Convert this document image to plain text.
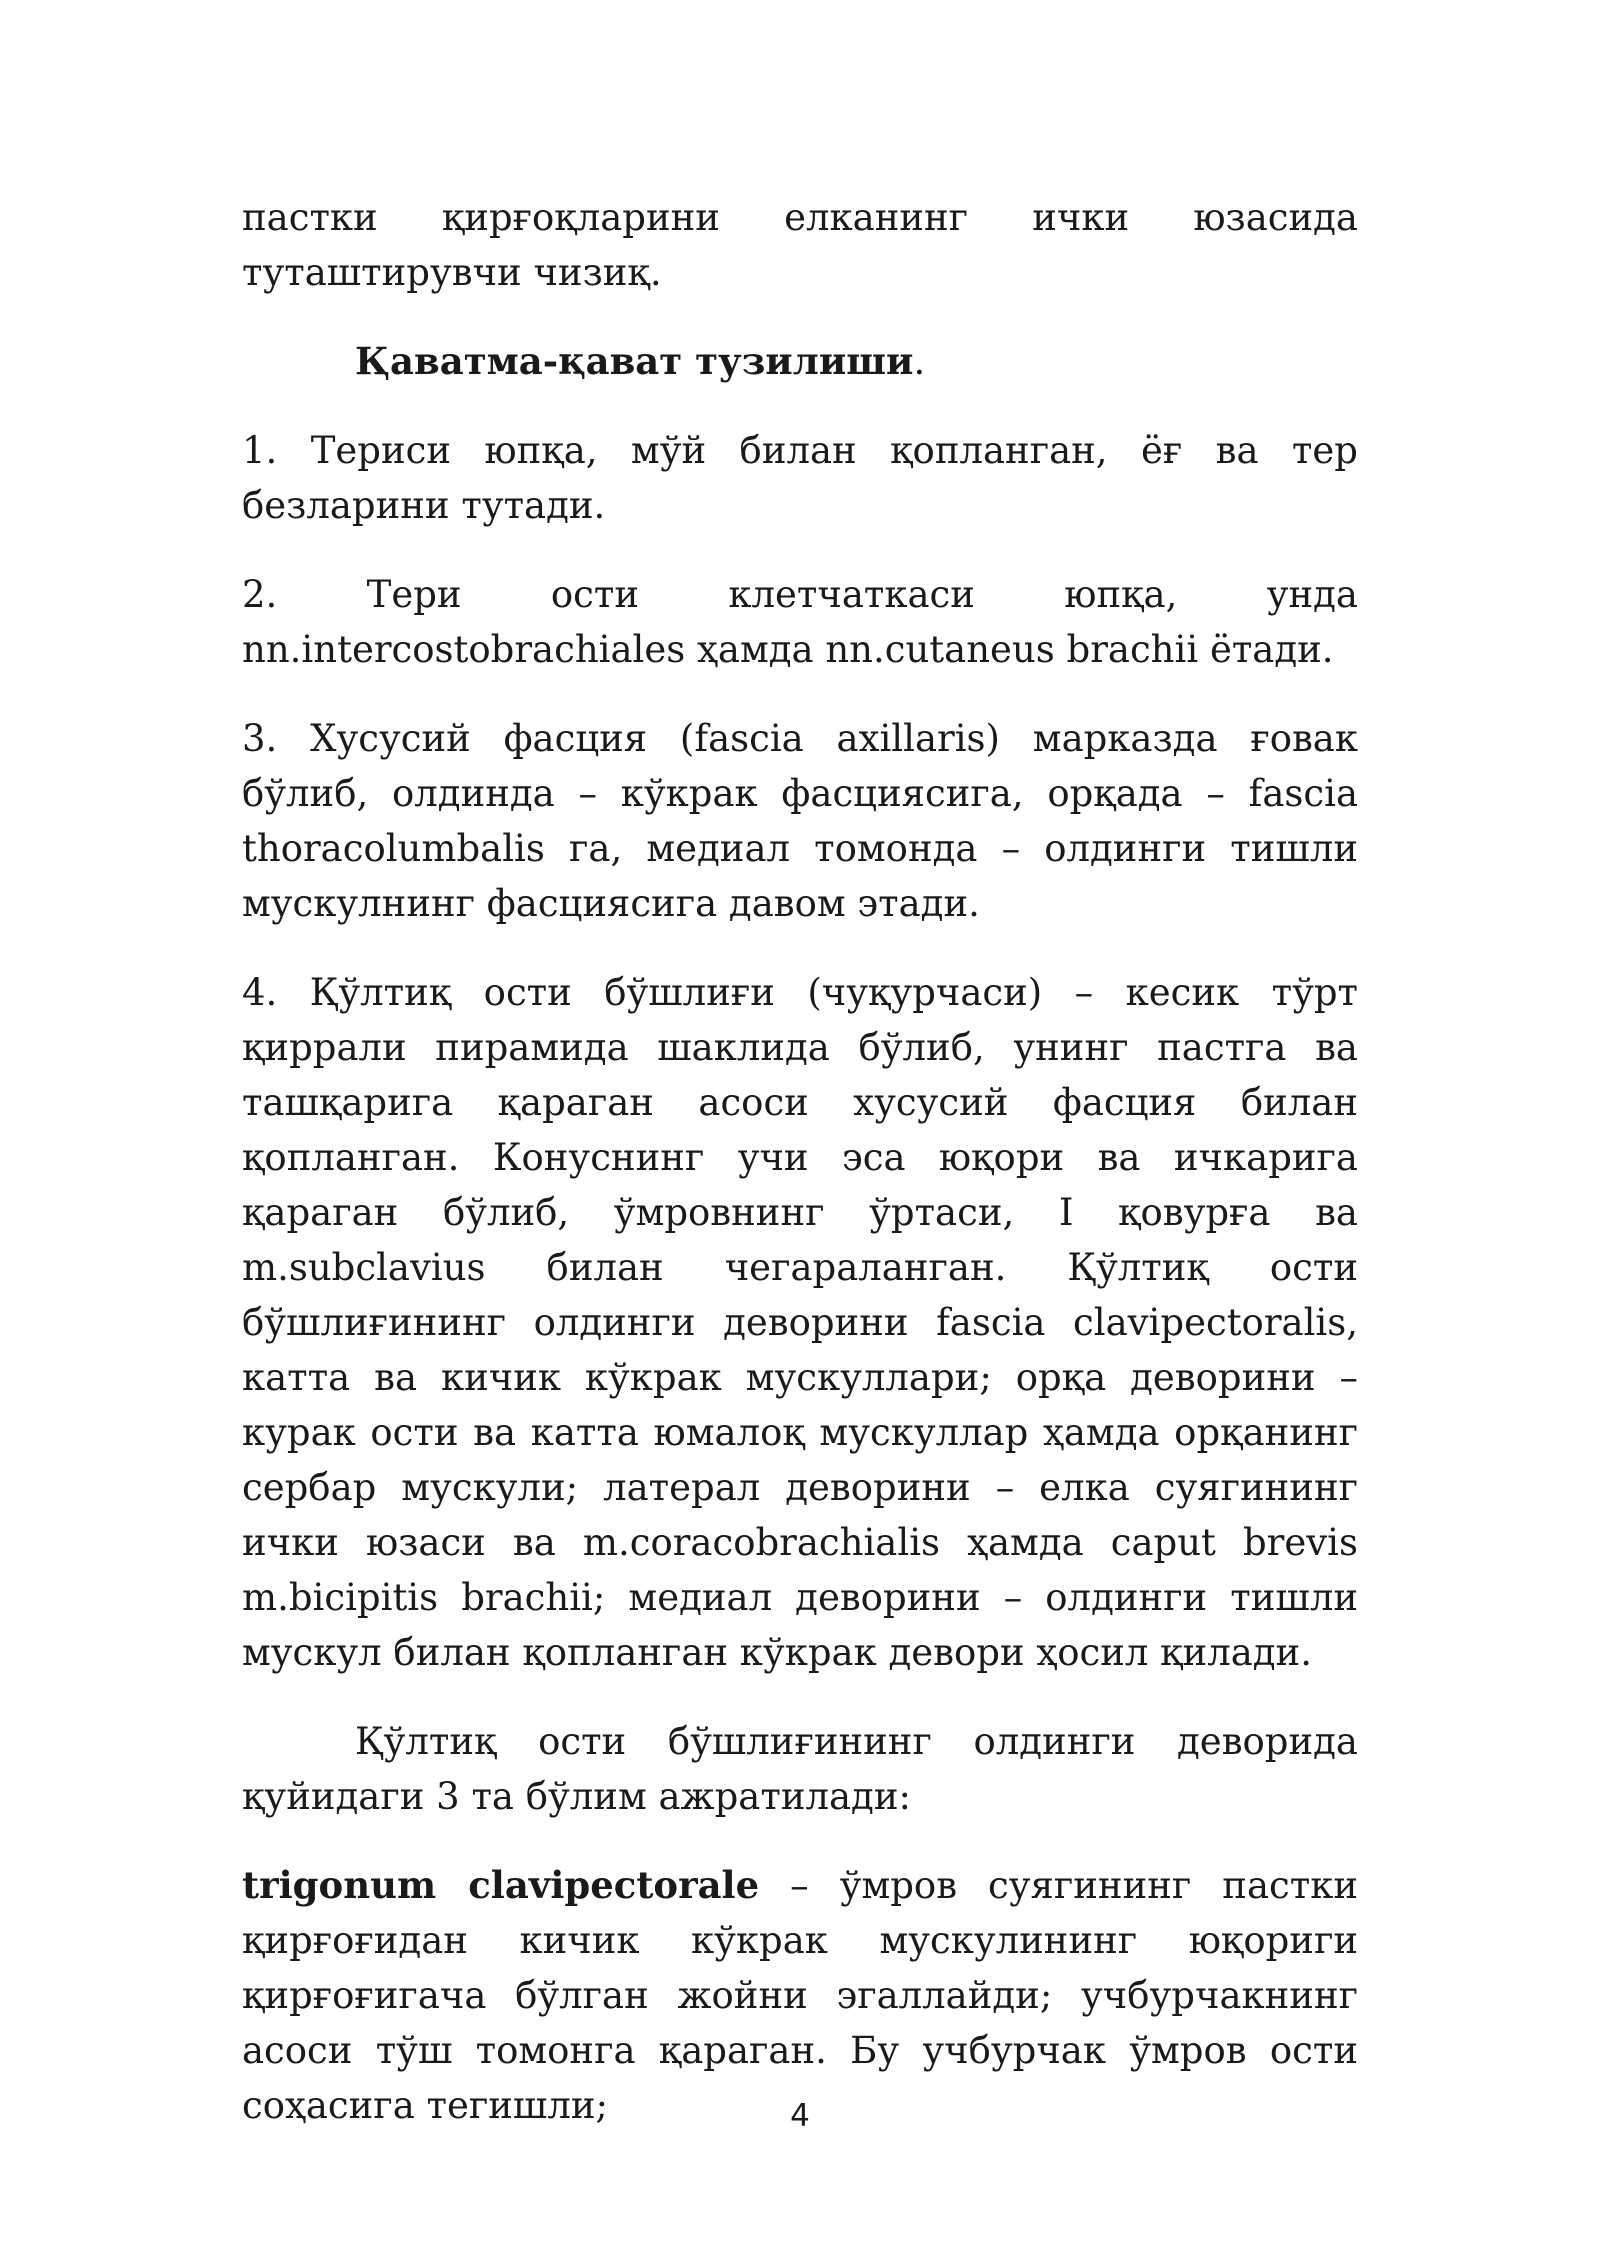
пастки қирғоқларини елканинг ички юзасида туташтирувчи чизиқ.

Қаватма-қават тузилиши.

1. Териси юпқа, мўй билан қопланган, ёғ ва тер безларини тутади.

2. Тери ости клетчаткаси юпқа, унда nn.intercostobrachiales ҳамда nn.cutaneus brachii ётади.

3. Хусусий фасция (fascia axillaris) марказда ғовак бўлиб, олдинда – кўкрак фасциясига, орқада – fascia thoracolumbalis га, медиал томонда – олдинги тишли мускулнинг фасциясига давом этади.

4. Қўлтиқ ости бўшлиғи (чуқурчаси) – кесик тўрт қиррали пирамида шаклида бўлиб, унинг пастга ва ташқарига қараган асоси хусусий фасция билан қопланган. Конуснинг учи эса юқори ва ичкарига қараган бўлиб, ўмровнинг ўртаси, I қовурға ва m.subclavius билан чегараланган. Қўлтиқ ости бўшлиғининг олдинги деворини fascia clavipectoralis, катта ва кичик кўкрак мускуллари; орқа деворини – курак ости ва катта юмалоқ мускуллар ҳамда орқанинг сербар мускули; латерал деворини – елка суягининг ички юзаси ва m.coracobrachialis ҳамда caput brevis m.bicipitis brachii; медиал деворини – олдинги тишли мускул билан қопланган кўкрак девори ҳосил қилади.

Қўлтиқ ости бўшлиғининг олдинги деворида қуйидаги 3 та бўлим ажратилади:

trigonum clavipectorale – ўмров суягининг пастки қирғоғидан кичик кўкрак мускулининг юқориги қирғоғигача бўлган жойни эгаллайди; учбурчакнинг асоси тўш томонга қараган. Бу учбурчак ўмров ости соҳасига тегишли;	4
